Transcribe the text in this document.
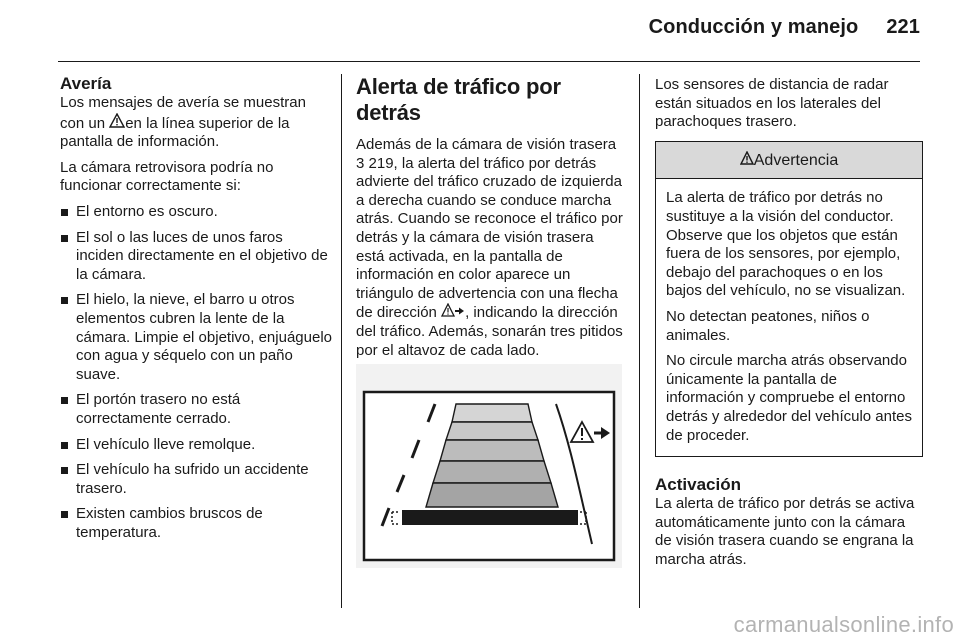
Conducción y manejo 221
Avería

Los mensajes de avería se muestran con un en la línea superior de la pantalla de información.

La cámara retrovisora podría no funcionar correctamente si:

El entorno es oscuro.
El sol o las luces de unos faros inciden directamente en el objetivo de la cámara.
El hielo, la nieve, el barro u otros elementos cubren la lente de la cámara. Limpie el objetivo, enjuáguelo con agua y séquelo con un paño suave.
El portón trasero no está correctamente cerrado.
El vehículo lleve remolque.
El vehículo ha sufrido un accidente trasero.
Existen cambios bruscos de temperatura.
Alerta de tráfico por detrás

Además de la cámara de visión trasera 3 219, la alerta del tráfico por detrás advierte del tráfico cruzado de izquierda a derecha cuando se conduce marcha atrás. Cuando se reconoce el tráfico por detrás y la cámara de visión trasera está activada, en la pantalla de información en color aparece un triángulo de advertencia con una flecha de dirección , indicando la dirección del tráfico. Además, sonarán tres pitidos por el altavoz de cada lado.

Los sensores de distancia de radar están situados en los laterales del parachoques trasero.

Advertencia

La alerta de tráfico por detrás no sustituye a la visión del conductor. Observe que los objetos que están fuera de los sensores, por ejemplo, debajo del parachoques o en los bajos del vehículo, no se visualizan.

No detectan peatones, niños o animales.

No circule marcha atrás observando únicamente la pantalla de información y compruebe el entorno detrás y alrededor del vehículo antes de proceder.

Activación

La alerta de tráfico por detrás se activa automáticamente junto con la cámara de visión trasera cuando se engrana la marcha atrás.

carmanualsonline.info
